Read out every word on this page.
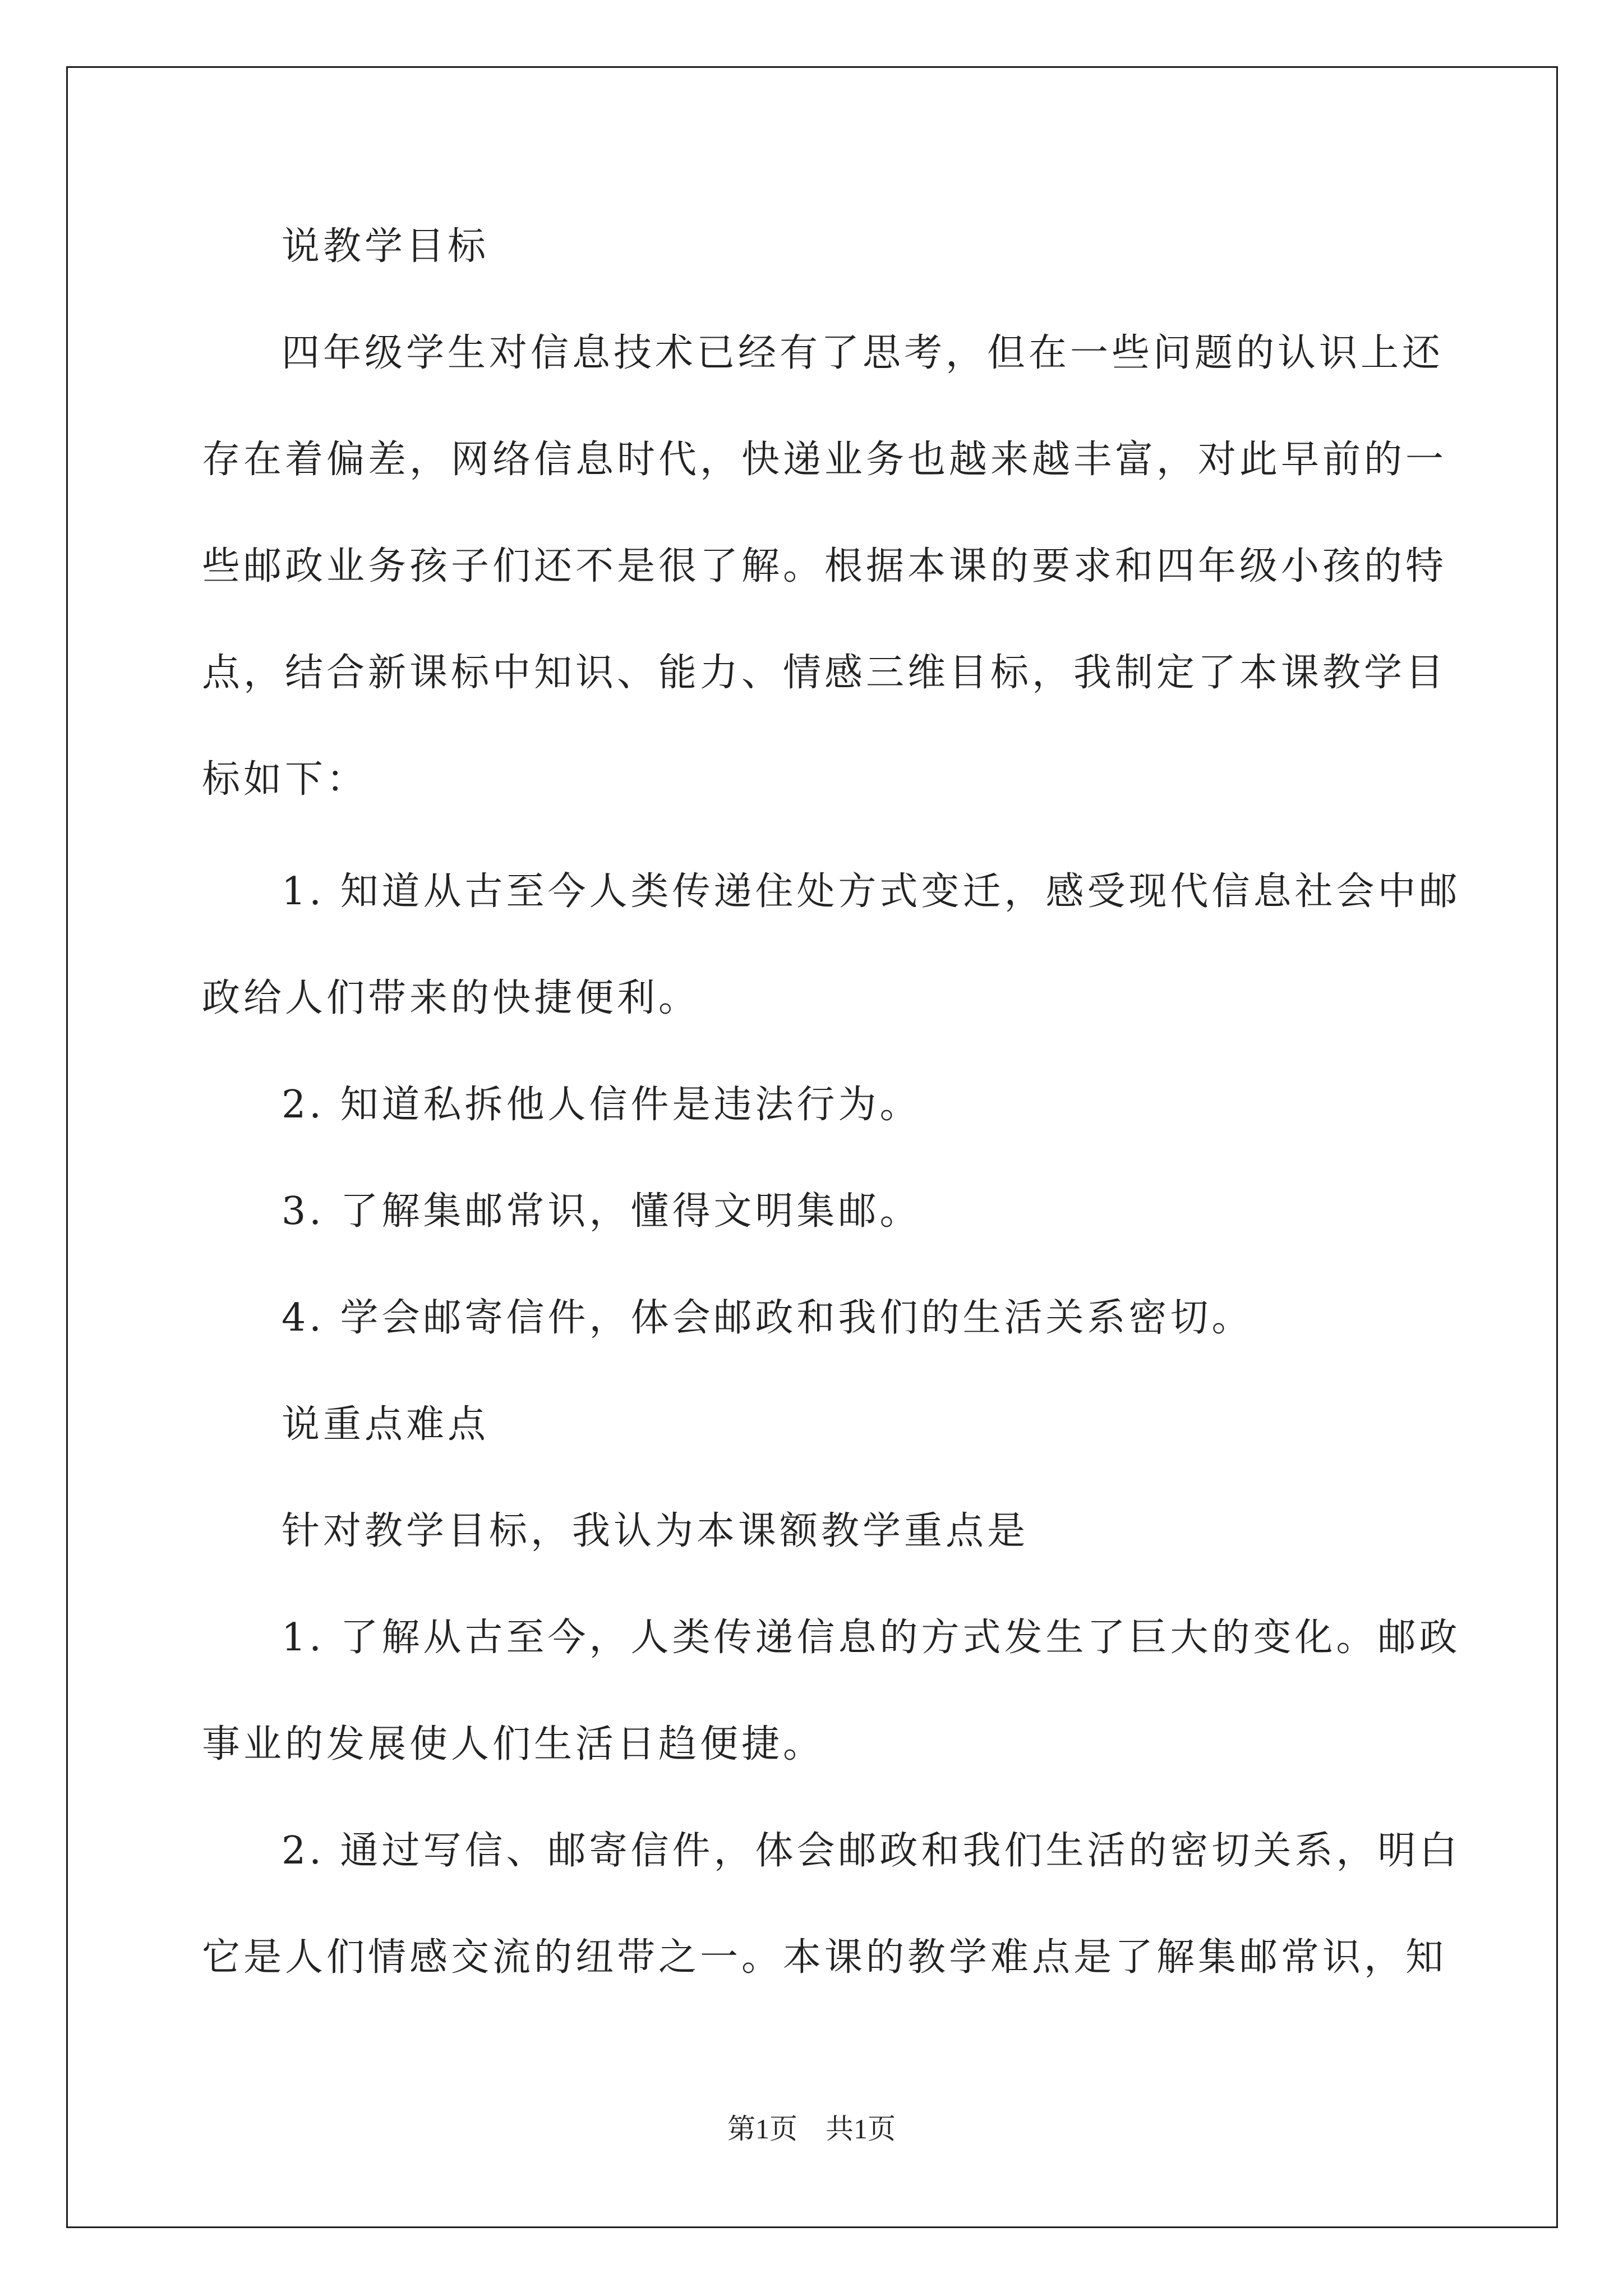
说教学目标
四年级学生对信息技术已经有了思考，但在一些问题的认识上还
存在着偏差，网络信息时代，快递业务也越来越丰富，对此早前的一
些邮政业务孩子们还不是很了解。根据本课的要求和四年级小孩的特
点，结合新课标中知识、能力、情感三维目标，我制定了本课教学目
标如下：
1. 知道从古至今人类传递住处方式变迁，感受现代信息社会中邮
政给人们带来的快捷便利。
2. 知道私拆他人信件是违法行为。
3. 了解集邮常识，懂得文明集邮。
4. 学会邮寄信件，体会邮政和我们的生活关系密切。
说重点难点
针对教学目标，我认为本课额教学重点是
1. 了解从古至今，人类传递信息的方式发生了巨大的变化。邮政
事业的发展使人们生活日趋便捷。
2. 通过写信、邮寄信件，体会邮政和我们生活的密切关系，明白
它是人们情感交流的纽带之一。本课的教学难点是了解集邮常识，知
第1页　共1页
